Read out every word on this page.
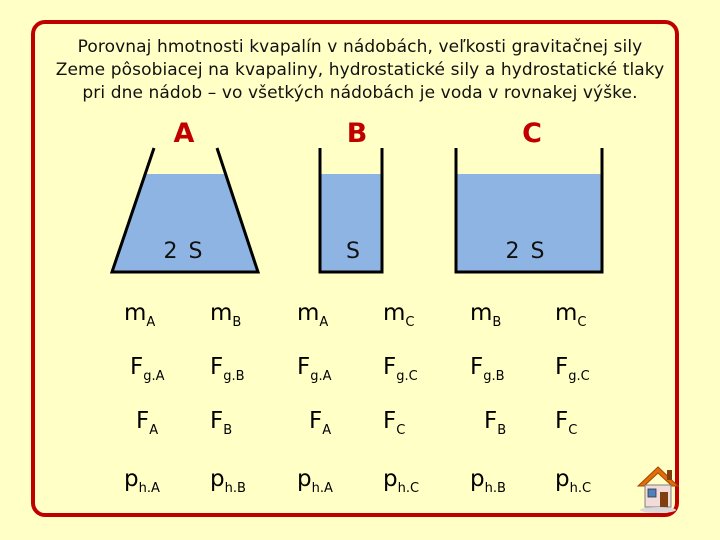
Porovnaj hmotnosti kvapalín v nádobách, veľkosti gravitačnej sily
Zeme pôsobiacej na kvapaliny, hydrostatické sily a hydrostatické tlaky
pri dne nádob – vo všetkých nádobách je voda v rovnakej výške.
A	B	C
2 S	S	2 S
$m_A$ $m_B$ $m_A$ $m_C$ $m_B$ $m_C$
$F_{g.A}$ $F_{g.B}$ $F_{g.A}$ $F_{g.C}$ $F_{g.B}$ $F_{g.C}$
$F_A$ $F_B$	$F_A$ $F_C$	$F_B$ $F_C$
$p_{h.A}$ $p_{h.B}$ $p_{h.A}$ $p_{h.C}$ $p_{h.B}$ $p_{h.C}$
